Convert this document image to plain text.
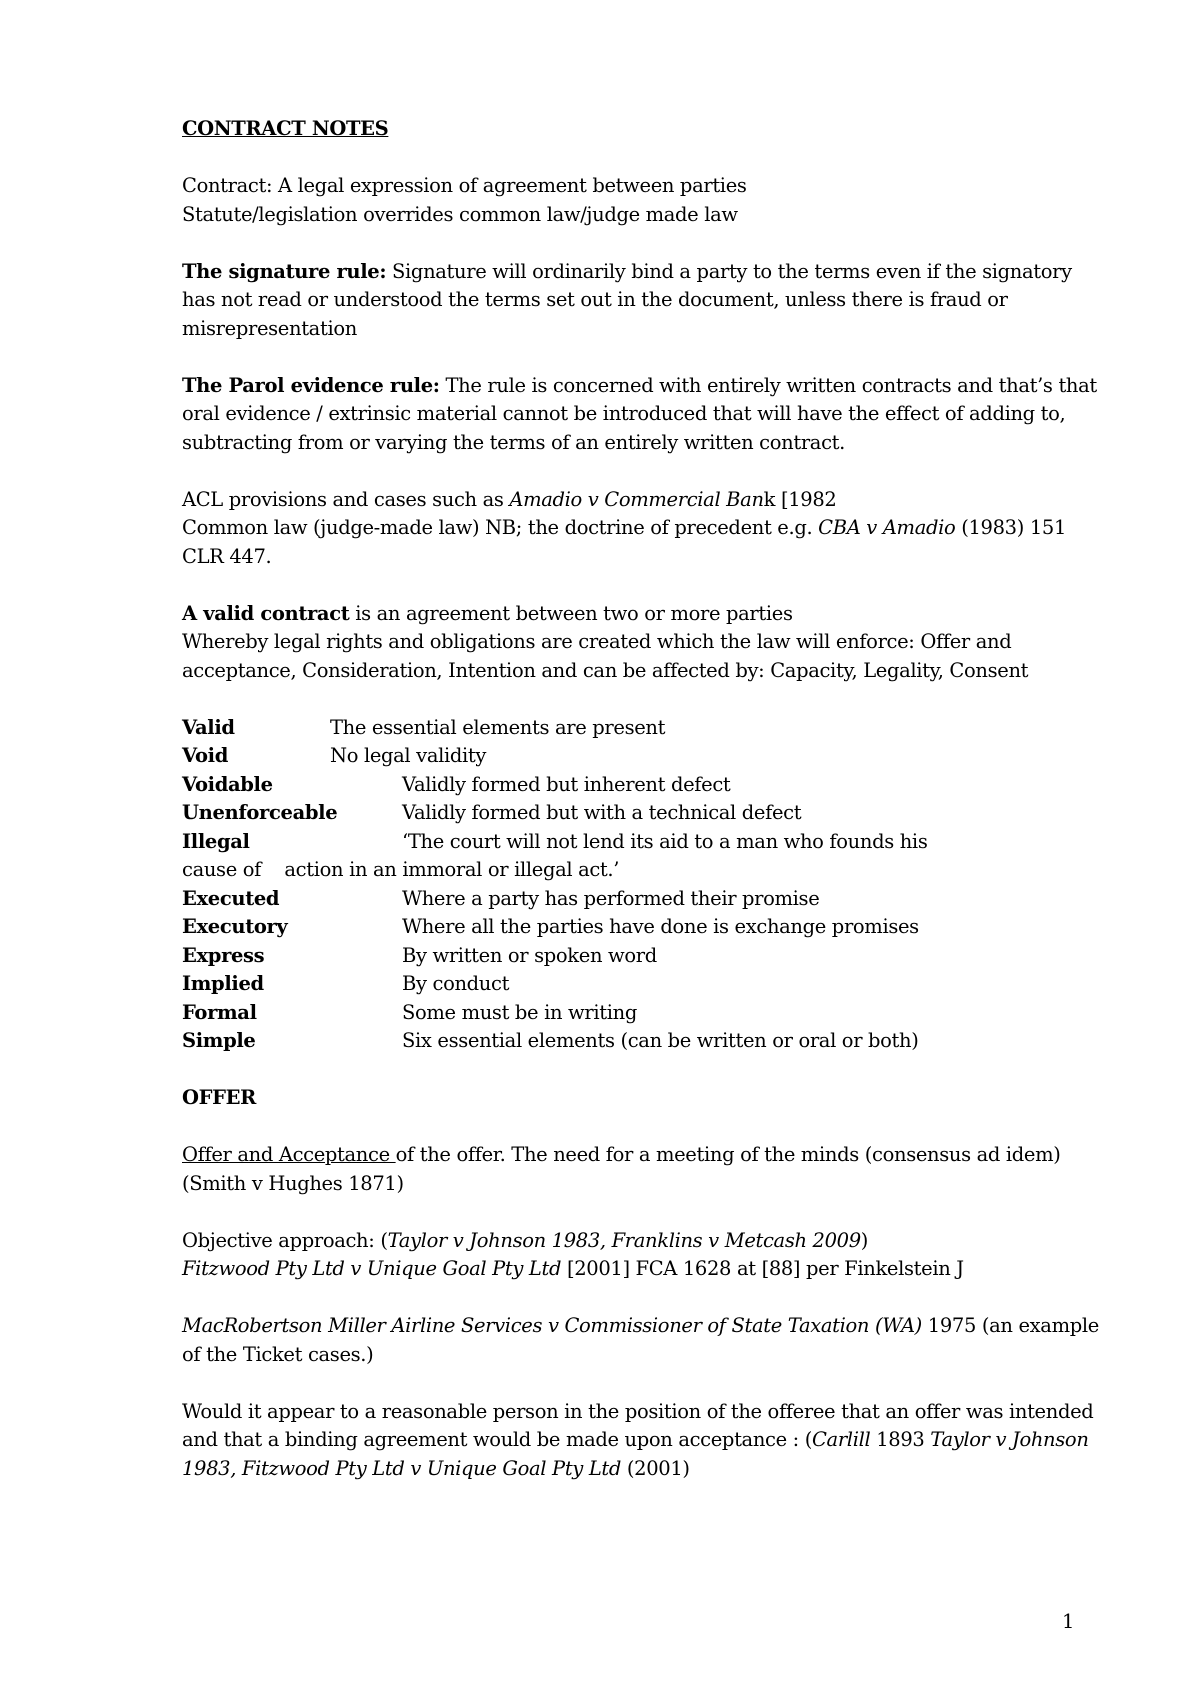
CONTRACT NOTES

Contract: A legal expression of agreement between parties

Statute/legislation overrides common law/judge made law

The signature rule: Signature will ordinarily bind a party to the terms even if the signatory has not read or understood the terms set out in the document, unless there is fraud or misrepresentation

The Parol evidence rule: The rule is concerned with entirely written contracts and that’s that oral evidence / extrinsic material cannot be introduced that will have the effect of adding to, subtracting from or varying the terms of an entirely written contract.

ACL provisions and cases such as Amadio v Commercial Bank [1982

Common law (judge-made law) NB; the doctrine of precedent e.g. CBA v Amadio (1983) 151 CLR 447.

A valid contract is an agreement between two or more parties

Whereby legal rights and obligations are created which the law will enforce: Offer and acceptance, Consideration, Intention and can be affected by: Capacity, Legality, Consent

Valid	The essential elements are present
Void	No legal validity
Voidable	Validly formed but inherent defect
Unenforceable	Validly formed but with a technical defect
Illegal	‘The court will not lend its aid to a man who founds his

cause of    action in an immoral or illegal act.’

Executed	Where a party has performed their promise
Executory	Where all the parties have done is exchange promises
Express	By written or spoken word
Implied	By conduct
Formal	Some must be in writing
Simple	Six essential elements (can be written or oral or both)

OFFER

Offer and Acceptance of the offer. The need for a meeting of the minds (consensus ad idem) (Smith v Hughes 1871)

Objective approach: (Taylor v Johnson 1983, Franklins v Metcash 2009)

Fitzwood Pty Ltd v Unique Goal Pty Ltd [2001] FCA 1628 at [88] per Finkelstein J

MacRobertson Miller Airline Services v Commissioner of State Taxation (WA) 1975 (an example of the Ticket cases.)

Would it appear to a reasonable person in the position of the offeree that an offer was intended and that a binding agreement would be made upon acceptance : (Carlill 1893 Taylor v Johnson 1983, Fitzwood Pty Ltd v Unique Goal Pty Ltd (2001)

1
